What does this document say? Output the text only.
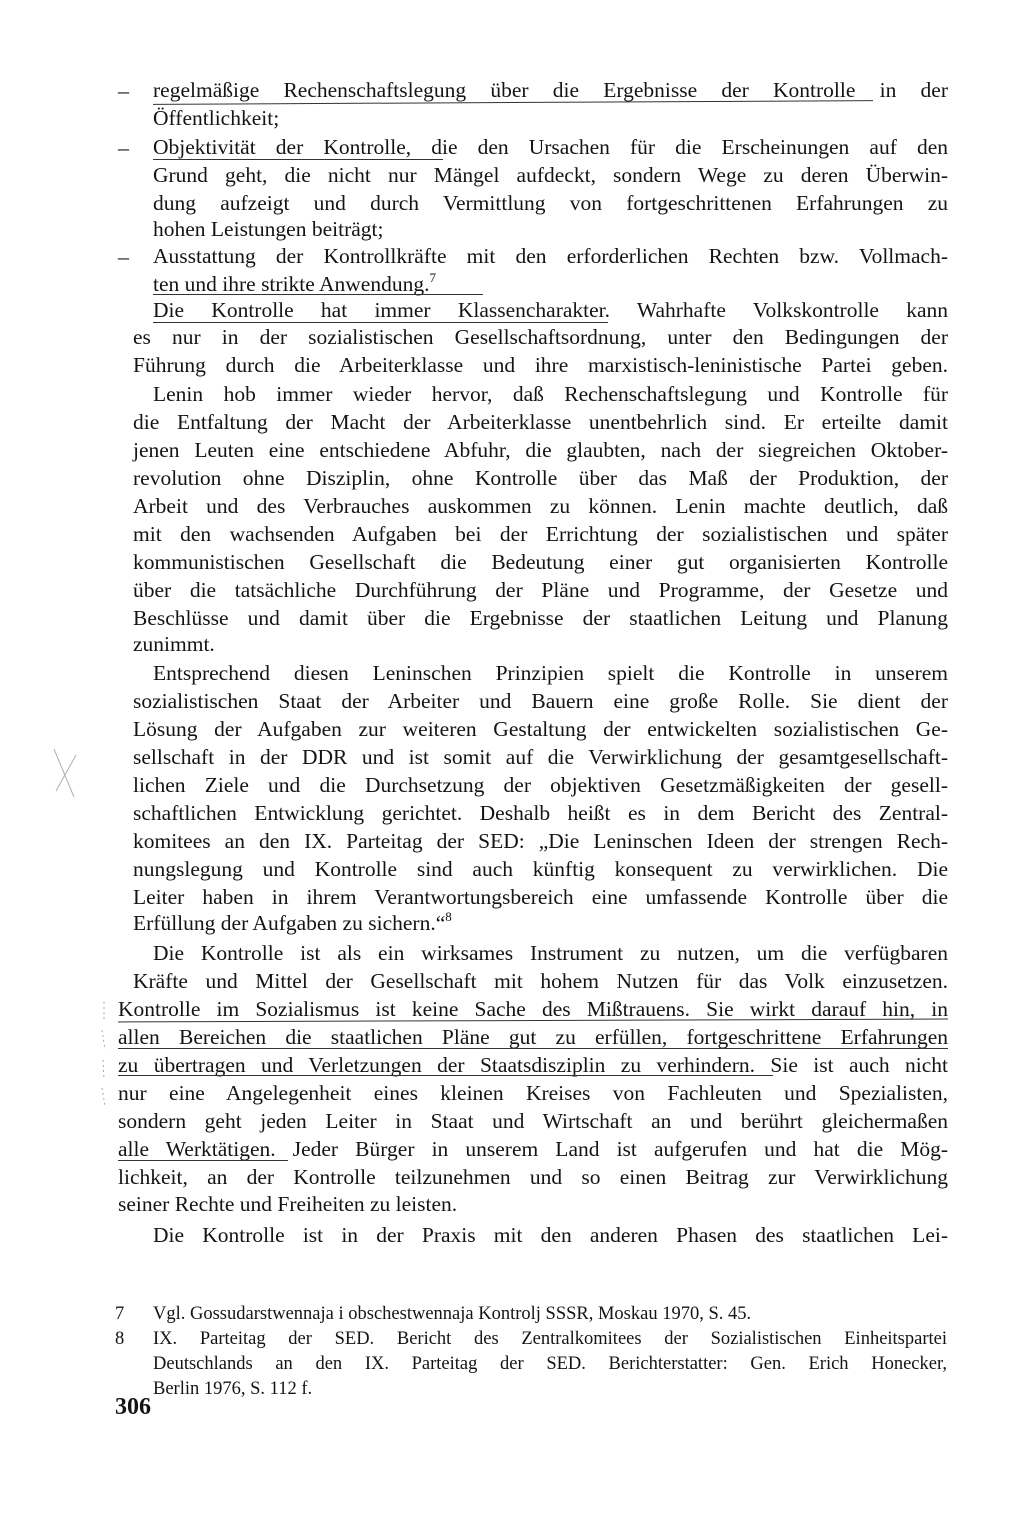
– regelmäßige Rechenschaftslegung über die Ergebnisse der Kontrolle in der
Öffentlichkeit;
– Objektivität der Kontrolle, die den Ursachen für die Erscheinungen auf den
Grund geht, die nicht nur Mängel aufdeckt, sondern Wege zu deren Überwin-
dung aufzeigt und durch Vermittlung von fortgeschrittenen Erfahrungen zu
hohen Leistungen beiträgt;
– Ausstattung der Kontrollkräfte mit den erforderlichen Rechten bzw. Vollmach-
ten und ihre strikte Anwendung.$^7$
Die Kontrolle hat immer Klassencharakter. Wahrhafte Volkskontrolle kann
es nur in der sozialistischen Gesellschaftsordnung, unter den Bedingungen der
Führung durch die Arbeiterklasse und ihre marxistisch-leninistische Partei geben.
Lenin hob immer wieder hervor, daß Rechenschaftslegung und Kontrolle für
die Entfaltung der Macht der Arbeiterklasse unentbehrlich sind. Er erteilte damit
jenen Leuten eine entschiedene Abfuhr, die glaubten, nach der siegreichen Oktober-
revolution ohne Disziplin, ohne Kontrolle über das Maß der Produktion, der
Arbeit und des Verbrauches auskommen zu können. Lenin machte deutlich, daß
mit den wachsenden Aufgaben bei der Errichtung der sozialistischen und später
kommunistischen Gesellschaft die Bedeutung einer gut organisierten Kontrolle
über die tatsächliche Durchführung der Pläne und Programme, der Gesetze und
Beschlüsse und damit über die Ergebnisse der staatlichen Leitung und Planung
zunimmt.
Entsprechend diesen Leninschen Prinzipien spielt die Kontrolle in unserem
sozialistischen Staat der Arbeiter und Bauern eine große Rolle. Sie dient der
Lösung der Aufgaben zur weiteren Gestaltung der entwickelten sozialistischen Ge-
sellschaft in der DDR und ist somit auf die Verwirklichung der gesamtgesellschaft-
lichen Ziele und die Durchsetzung der objektiven Gesetzmäßigkeiten der gesell-
schaftlichen Entwicklung gerichtet. Deshalb heißt es in dem Bericht des Zentral-
komitees an den IX. Parteitag der SED: „Die Leninschen Ideen der strengen Rech-
nungslegung und Kontrolle sind auch künftig konsequent zu verwirklichen. Die
Leiter haben in ihrem Verantwortungsbereich eine umfassende Kontrolle über die
Erfüllung der Aufgaben zu sichern.“$^8$
Die Kontrolle ist als ein wirksames Instrument zu nutzen, um die verfügbaren
Kräfte und Mittel der Gesellschaft mit hohem Nutzen für das Volk einzusetzen.
Kontrolle im Sozialismus ist keine Sache des Mißtrauens. Sie wirkt darauf hin, in
allen Bereichen die staatlichen Pläne gut zu erfüllen, fortgeschrittene Erfahrungen
zu übertragen und Verletzungen der Staatsdisziplin zu verhindern. Sie ist auch nicht
nur eine Angelegenheit eines kleinen Kreises von Fachleuten und Spezialisten,
sondern geht jeden Leiter in Staat und Wirtschaft an und berührt gleichermaßen
alle Werktätigen. Jeder Bürger in unserem Land ist aufgerufen und hat die Mög-
lichkeit, an der Kontrolle teilzunehmen und so einen Beitrag zur Verwirklichung
seiner Rechte und Freiheiten zu leisten.
Die Kontrolle ist in der Praxis mit den anderen Phasen des staatlichen Lei-
7 Vgl. Gossudarstwennaja i obschestwennaja Kontrolj SSSR, Moskau 1970, S. 45.
8 IX. Parteitag der SED. Bericht des Zentralkomitees der Sozialistischen Einheitspartei
Deutschlands an den IX. Parteitag der SED. Berichterstatter: Gen. Erich Honecker,
Berlin 1976, S. 112 f.
306
